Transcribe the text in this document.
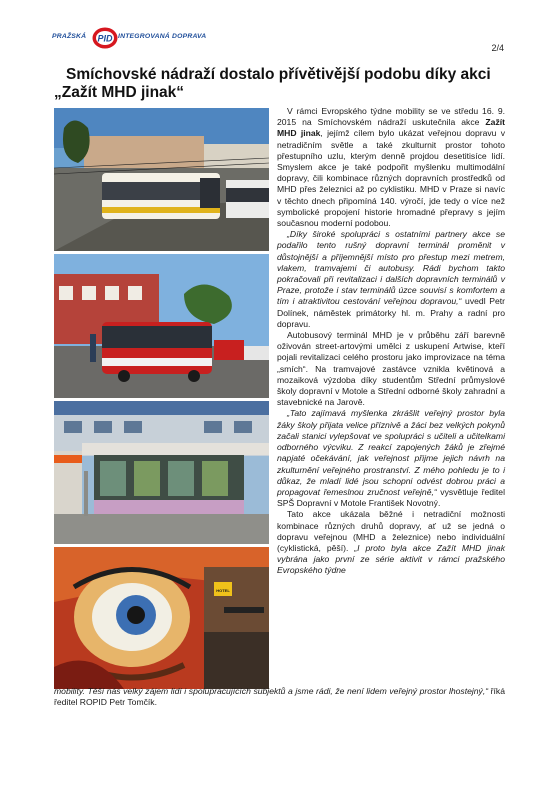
PRAŽSKÁ PID INTEGROVANÁ DOPRAVA
2/4
Smíchovské nádraží dostalo přívětivější podobu díky akci
„Zažít MHD jinak“
HOTEL

V rámci Evropského týdne mobility se ve středu 16. 9. 2015 na Smíchovském nádraží uskutečnila akce Zažít MHD jinak, jejímž cílem bylo ukázat veřejnou dopravu v netradičním světle a také zkulturnit prostor tohoto přestupního uzlu, kterým denně projdou desetitisíce lidí. Smyslem akce je také podpořit myšlenku multimodální dopravy, čili kombinace různých dopravních prostředků od MHD přes železnici až po cyklistiku. MHD v Praze si navíc v těchto dnech připomíná 140. výročí, jde tedy o více než symbolické propojení historie hromadné přepravy s jejím současnou moderní podobou.

„Díky široké spolupráci s ostatními partnery akce se podařilo tento rušný dopravní terminál proměnit v důstojnější a příjemnější místo pro přestup mezi metrem, vlakem, tramvajemi či autobusy. Rádi bychom takto pokračovali při revitalizaci i dalších dopravních terminálů v Praze, protože i stav terminálů úzce souvisí s komfortem a tím i atraktivitou cestování veřejnou dopravou,“ uvedl Petr Dolínek, náměstek primátorky hl. m. Prahy a radní pro dopravu.

Autobusový terminál MHD je v průběhu září barevně oživován street-artovými umělci z uskupení Artwise, kteří pojali revitalizaci celého prostoru jako improvizace na téma „smích“. Na tramvajové zastávce vznikla květinová a mozaiková výzdoba díky studentům Střední průmyslové školy dopravní v Motole a Střední odborné školy zahradní a stavebnické na Jarově.

„Tato zajímavá myšlenka zkrášlit veřejný prostor byla žáky školy přijata velice příznivě a žáci bez velkých pokynů začali stanici vylepšovat ve spolupráci s učiteli a učitelkami odborného výcviku. Z reakcí zapojených žáků je zřejmé napjaté očekávání, jak veřejnost přijme jejich návrh na zkulturnění veřejného prostranství. Z mého pohledu je to i důkaz, že mladí lidé jsou schopni odvést dobrou práci a propagovat řemeslnou zručnost veřejně,“ vysvětluje ředitel SPŠ Dopravní v Motole František Novotný.

Tato akce ukázala běžné i netradiční možnosti kombinace různých druhů dopravy, ať už se jedná o dopravu veřejnou (MHD a železnice) nebo individuální (cyklistická, pěší). „I proto byla akce Zažít MHD jinak vybrána jako první ze série aktivit v rámci pražského Evropského týdne

mobility. Těší nás velký zájem lidí i spolupracujících subjektů a jsme rádi, že není lidem veřejný prostor lhostejný,“ říká ředitel ROPID Petr Tomčík.
